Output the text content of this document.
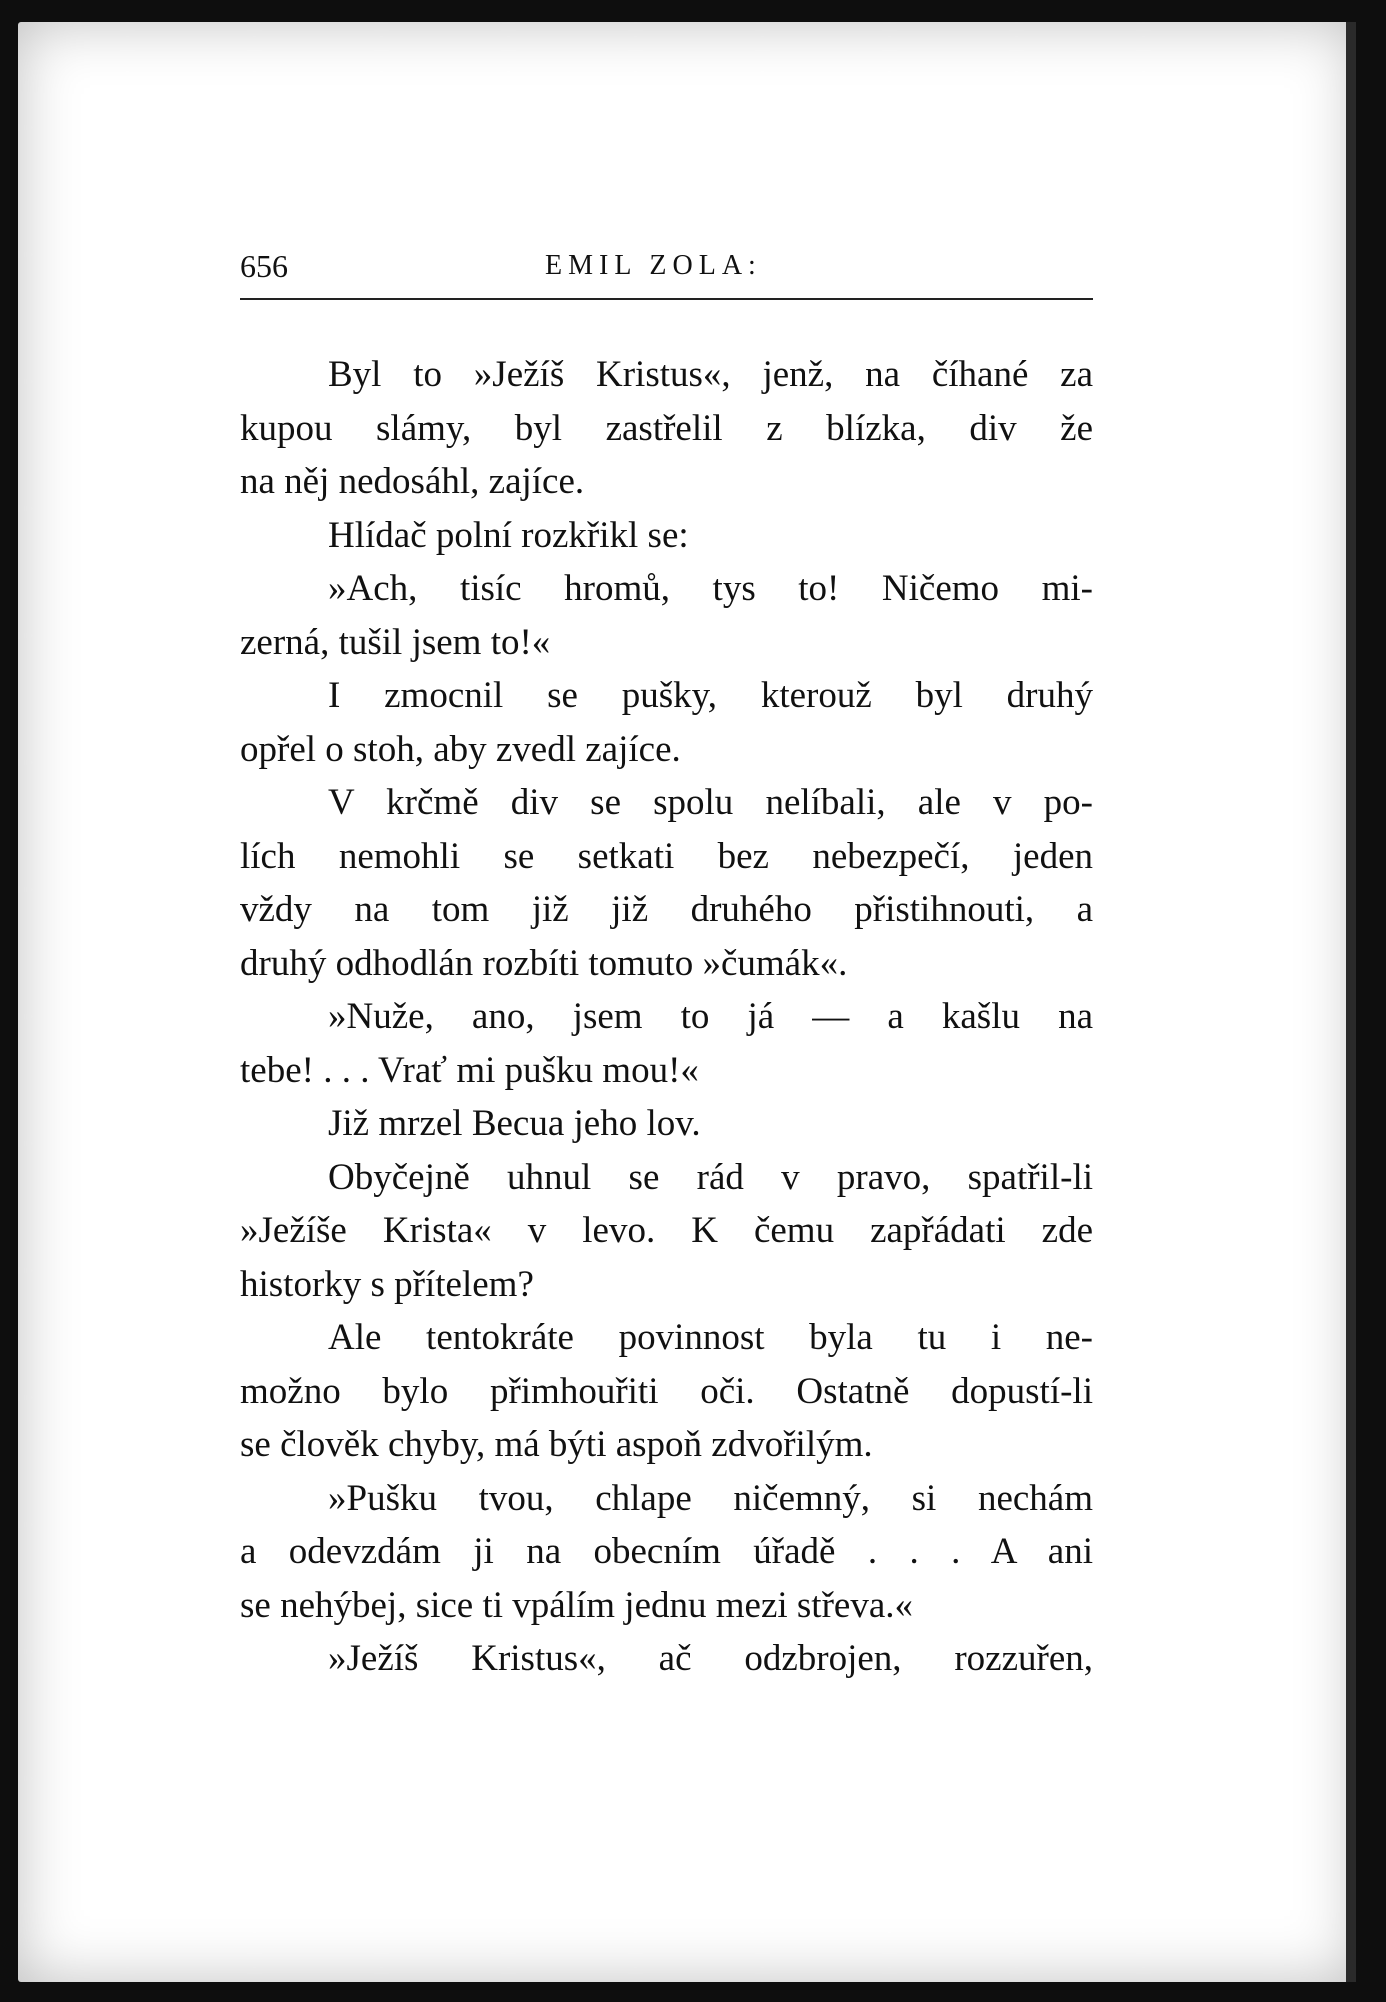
656	EMIL ZOLA:
Byl to »Ježíš Kristus«, jenž, na číhané za
kupou slámy, byl zastřelil z blízka, div že
na něj nedosáhl, zajíce.
Hlídač polní rozkřikl se:
»Ach, tisíc hromů, tys to! Ničemo mi-
zerná, tušil jsem to!«
I zmocnil se pušky, kterouž byl druhý
opřel o stoh, aby zvedl zajíce.
V krčmě div se spolu nelíbali, ale v po-
lích nemohli se setkati bez nebezpečí, jeden
vždy na tom již již druhého přistihnouti, a
druhý odhodlán rozbíti tomuto »čumák«.
»Nuže, ano, jsem to já — a kašlu na
tebe! . . . Vrať mi pušku mou!«
Již mrzel Becua jeho lov.
Obyčejně uhnul se rád v pravo, spatřil-li
»Ježíše Krista« v levo. K čemu zapřádati zde
historky s přítelem?
Ale tentokráte povinnost byla tu i ne-
možno bylo přimhouřiti oči. Ostatně dopustí-li
se člověk chyby, má býti aspoň zdvořilým.
»Pušku tvou, chlape ničemný, si nechám
a odevzdám ji na obecním úřadě . . . A ani
se nehýbej, sice ti vpálím jednu mezi střeva.«
»Ježíš Kristus«, ač odzbrojen, rozzuřen,
